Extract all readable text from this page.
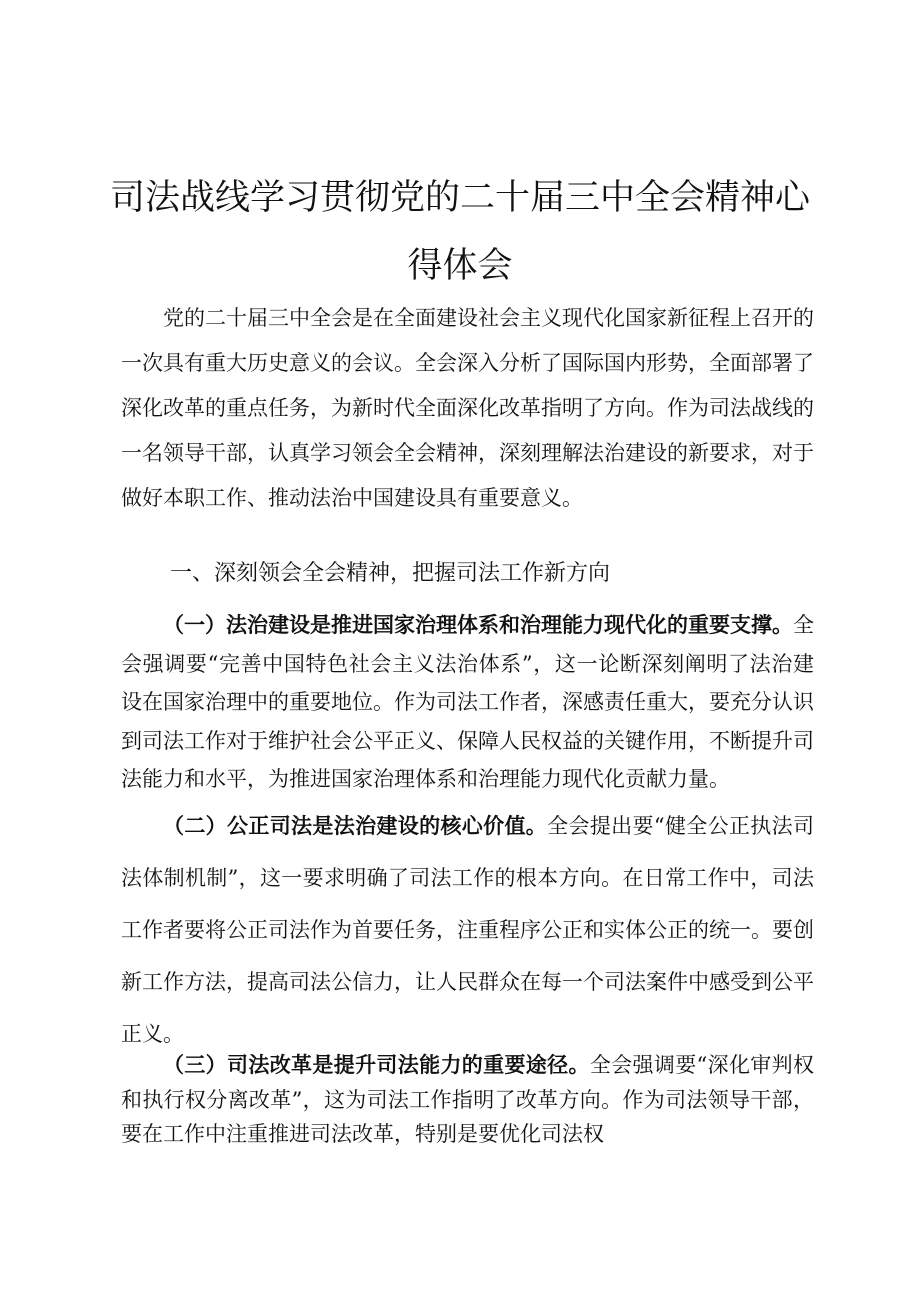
司法战线学习贯彻党的二十届三中全会精神心
得体会

党的二十届三中全会是在全面建设社会主义现代化国家新征程上召开的一次具有重大历史意义的会议。全会深入分析了国际国内形势，全面部署了深化改革的重点任务，为新时代全面深化改革指明了方向。作为司法战线的一名领导干部，认真学习领会全会精神，深刻理解法治建设的新要求，对于做好本职工作、推动法治中国建设具有重要意义。

一、深刻领会全会精神，把握司法工作新方向

（一）法治建设是推进国家治理体系和治理能力现代化的重要支撑。全会强调要“完善中国特色社会主义法治体系”，这一论断深刻阐明了法治建设在国家治理中的重要地位。作为司法工作者，深感责任重大，要充分认识到司法工作对于维护社会公平正义、保障人民权益的关键作用，不断提升司法能力和水平，为推进国家治理体系和治理能力现代化贡献力量。

（二）公正司法是法治建设的核心价值。全会提出要“健全公正执法司法体制机制”，这一要求明确了司法工作的根本方向。在日常工作中，司法工作者要将公正司法作为首要任务，注重程序公正和实体公正的统一。要创新工作方法，提高司法公信力，让人民群众在每一个司法案件中感受到公平正义。

（三）司法改革是提升司法能力的重要途径。全会强调要“深化审判权和执行权分离改革”，这为司法工作指明了改革方向。作为司法领导干部，要在工作中注重推进司法改革，特别是要优化司法权
